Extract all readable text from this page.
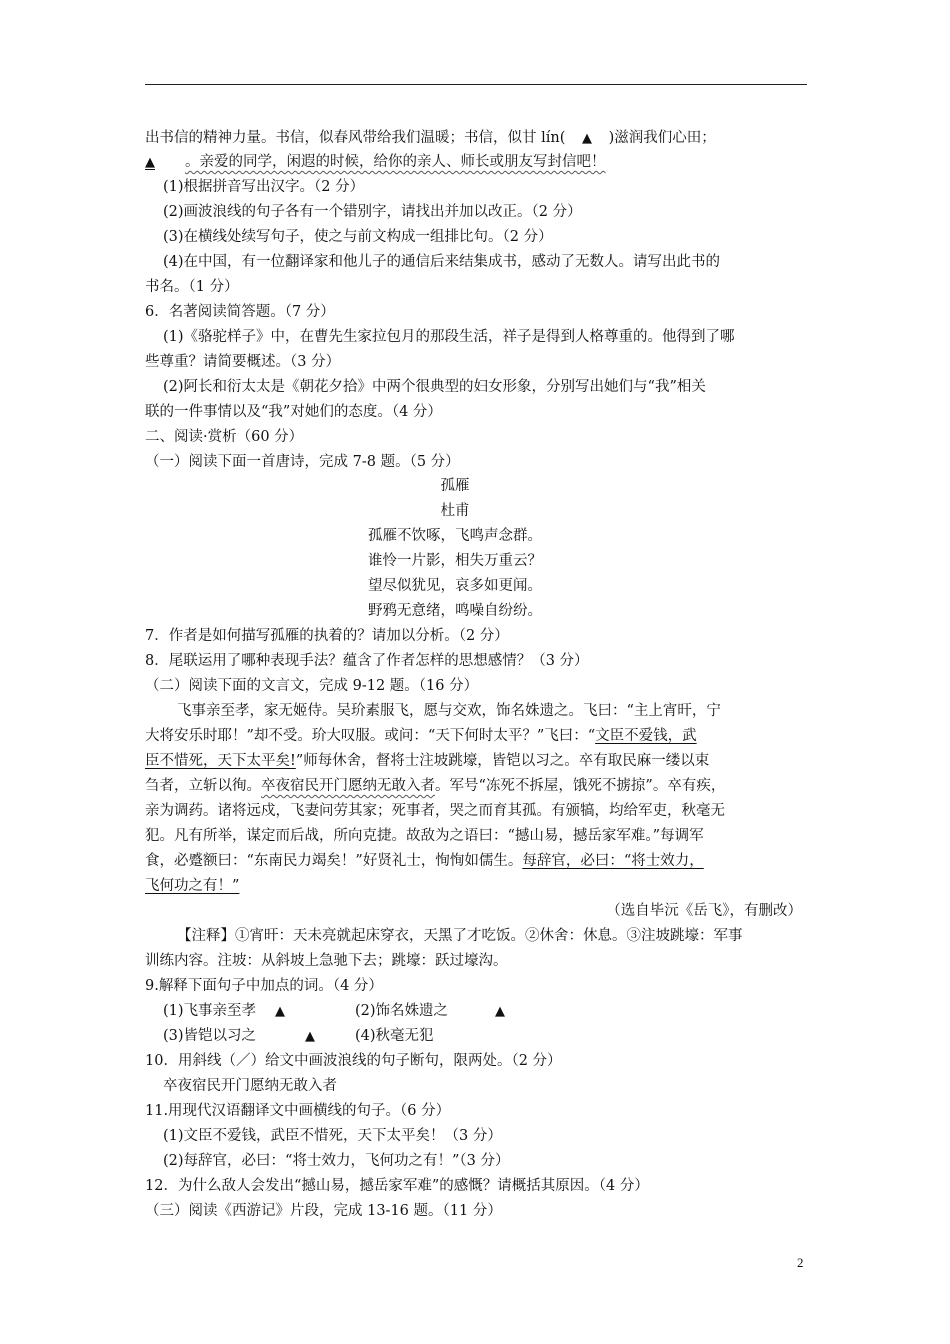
出书信的精神力量。书信，似春风带给我们温暖；书信，似甘 lín( ▲ )滋润我们心田；
▲ 。亲爱的同学，闲遐的时候，给你的亲人、师长或朋友写封信吧！
(1)根据拼音写出汉字。（2 分）
(2)画波浪线的句子各有一个错别字，请找出并加以改正。（2 分）
(3)在横线处续写句子，使之与前文构成一组排比句。（2 分）
(4)在中国，有一位翻译家和他儿子的通信后来结集成书，感动了无数人。请写出此书的
书名。（1 分）
6．名著阅读简答题。（7 分）
(1)《骆驼样子》中，在曹先生家拉包月的那段生活，祥子是得到人格尊重的。他得到了哪
些尊重？请简要概述。（3 分）
(2)阿长和衍太太是《朝花夕拾》中两个很典型的妇女形象，分别写出她们与“我”相关
联的一件事情以及“我”对她们的态度。（4 分）
二、阅读·赏析（60 分）
（一）阅读下面一首唐诗，完成 7-8 题。（5 分）
孤雁
杜甫
孤雁不饮啄，飞鸣声念群。
谁怜一片影，相失万重云？
望尽似犹见，哀多如更闻。
野鸦无意绪，鸣噪自纷纷。
7．作者是如何描写孤雁的执着的？请加以分析。（2 分）
8．尾联运用了哪种表现手法？蕴含了作者怎样的思想感情？（3 分）
（二）阅读下面的文言文，完成 9-12 题。（16 分）
飞事亲至孝，家无姬侍。吴玠素服飞，愿与交欢，饰名姝遗之。飞曰：“主上宵旰，宁
大将安乐时耶！”却不受。玠大叹服。或问：“天下何时太平？”飞曰：“文臣不爱钱，武
臣不惜死，天下太平矣!”师每休舍，督将士注坡跳壕，皆铠以习之。卒有取民麻一缕以束
刍者，立斩以徇。卒夜宿民开门愿纳无敢入者。军号“冻死不拆屋，饿死不掳掠”。卒有疾，
亲为调药。诸将远戍，飞妻问劳其家；死事者，哭之而育其孤。有颁犒，均给军吏，秋毫无
犯。凡有所举，谋定而后战，所向克捷。故敌为之语曰：“撼山易，撼岳家军难。”每调军
食，必蹙额曰：“东南民力竭矣！”好贤礼士，恂恂如儒生。每辞官，必曰：“将士效力，
飞何功之有！”
（选自毕沅《岳飞》，有删改）
【注释】①宵旰：天未亮就起床穿衣，天黑了才吃饭。②休舍：休息。③注坡跳壕：军事
训练内容。注坡：从斜坡上急驰下去；跳壕：跃过壕沟。
9.解释下面句子中加点的词。（4 分）
(1)飞事亲至孝 ▲	(2)饰名姝遗之	▲
(3)皆铠以习之	▲	(4)秋毫无犯
10．用斜线（／）给文中画波浪线的句子断句，限两处。（2 分）
卒夜宿民开门愿纳无敢入者
11.用现代汉语翻译文中画横线的句子。（6 分）
(1)文臣不爱钱，武臣不惜死，天下太平矣！（3 分）
(2)每辞官，必曰：“将士效力，飞何功之有！”（3 分）
12．为什么敌人会发出“撼山易，撼岳家军难”的感慨？请概括其原因。（4 分）
（三）阅读《西游记》片段，完成 13-16 题。（11 分）
2
